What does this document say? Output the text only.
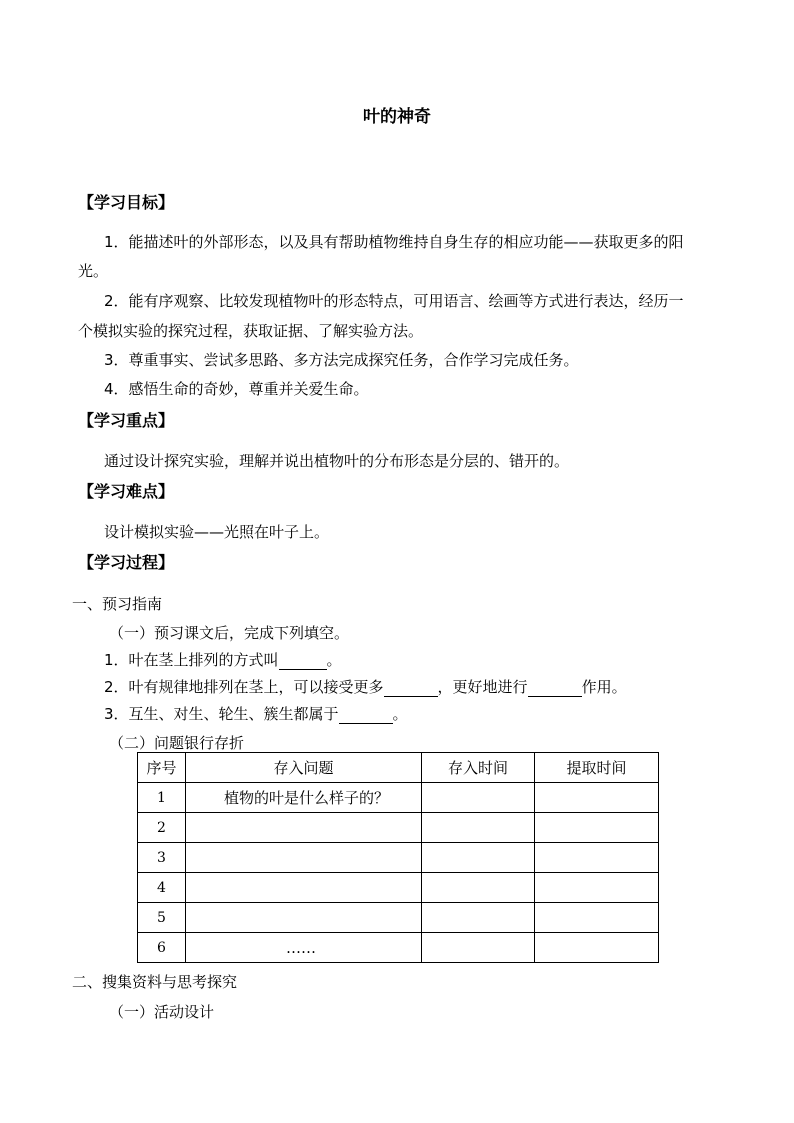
叶的神奇
【学习目标】
1．能描述叶的外部形态，以及具有帮助植物维持自身生存的相应功能——获取更多的阳
光。
2．能有序观察、比较发现植物叶的形态特点，可用语言、绘画等方式进行表达，经历一
个模拟实验的探究过程，获取证据、了解实验方法。
3．尊重事实、尝试多思路、多方法完成探究任务，合作学习完成任务。
4．感悟生命的奇妙，尊重并关爱生命。
【学习重点】
通过设计探究实验，理解并说出植物叶的分布形态是分层的、错开的。
【学习难点】
设计模拟实验——光照在叶子上。
【学习过程】
一、预习指南
（一）预习课文后，完成下列填空。
1．叶在茎上排列的方式叫	。
2．叶有规律地排列在茎上，可以接受更多	，更好地进行	作用。
3．互生、对生、轮生、簇生都属于	。
（二）问题银行存折
序号	存入问题	存入时间	提取时间
1	植物的叶是什么样子的？		
2			
3			
4			
5			
6	……		
二、搜集资料与思考探究
（一）活动设计
